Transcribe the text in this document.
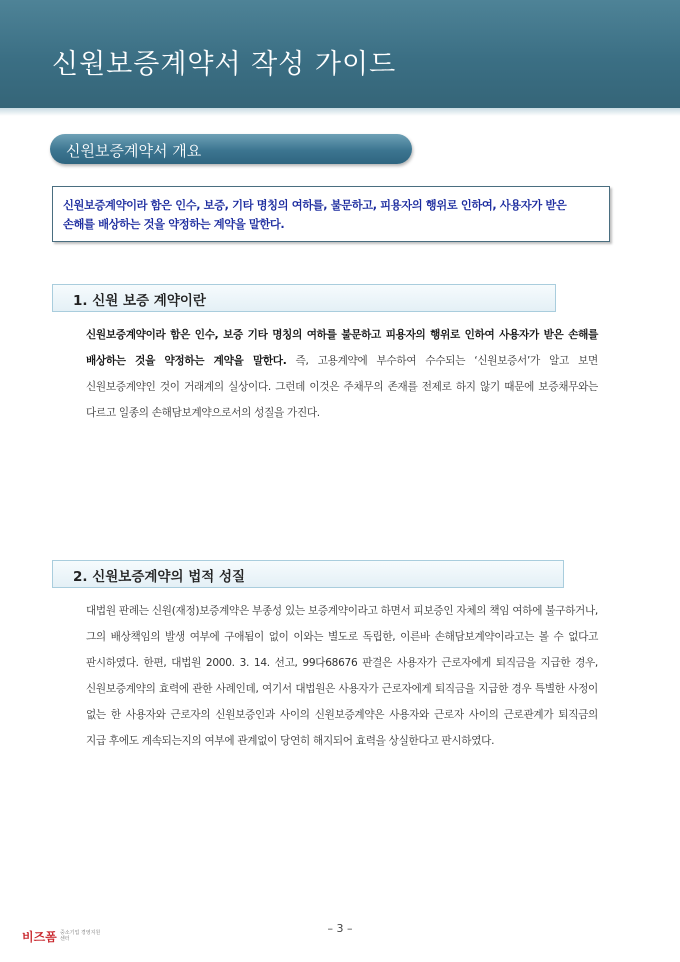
신원보증계약서 작성 가이드
신원보증계약서 개요

신원보증계약이라 함은 인수, 보증, 기타 명칭의 여하를, 불문하고, 피용자의 행위로 인하여, 사용자가 받은 손해를 배상하는 것을 약정하는 계약을 말한다.

1. 신원 보증 계약이란

신원보증계약이라 함은 인수, 보증 기타 명칭의 여하를 불문하고 피용자의 행위로 인하여 사용자가 받은 손해를 배상하는 것을 약정하는 계약을 말한다. 즉, 고용계약에 부수하여 수수되는 ‘신원보증서’가 알고 보면 신원보증계약인 것이 거래계의 실상이다. 그런데 이것은 주채무의 존재를 전제로 하지 않기 때문에 보증채무와는 다르고 일종의 손해담보계약으로서의 성질을 가진다.

2. 신원보증계약의 법적 성질

대법원 판례는 신원(재정)보증계약은 부종성 있는 보증계약이라고 하면서 피보증인 자체의 책임 여하에 불구하거나, 그의 배상책임의 발생 여부에 구애됨이 없이 이와는 별도로 독립한, 이른바 손해담보계약이라고는 볼 수 없다고 판시하였다. 한편, 대법원 2000. 3. 14. 선고, 99다68676 판결은 사용자가 근로자에게 퇴직금을 지급한 경우, 신원보증계약의 효력에 관한 사례인데, 여기서 대법원은 사용자가 근로자에게 퇴직금을 지급한 경우 특별한 사정이 없는 한 사용자와 근로자의 신원보증인과 사이의 신원보증계약은 사용자와 근로자 사이의 근로관계가 퇴직금의 지급 후에도 계속되는지의 여부에 관계없이 당연히 해지되어 효력을 상실한다고 판시하였다.

– 3 –
비즈폼 중소기업 경영지원센터
